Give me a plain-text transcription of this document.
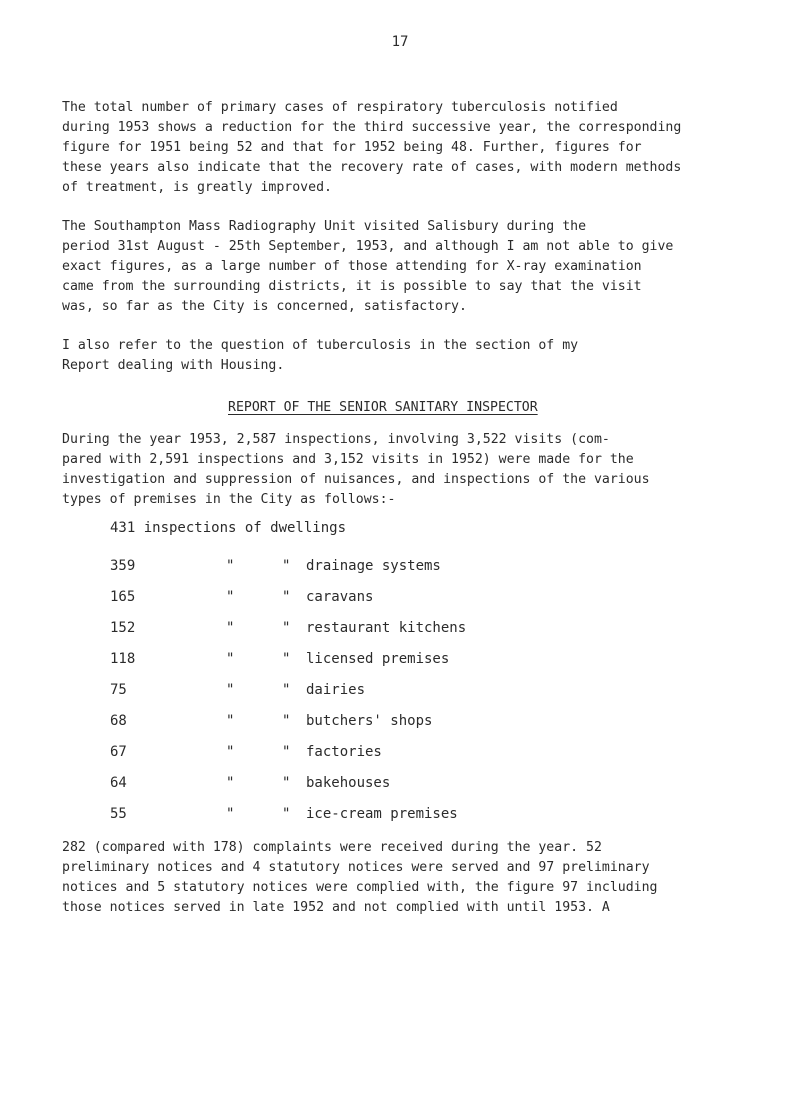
17
The total number of primary cases of respiratory tuberculosis notified
during 1953 shows a reduction for the third successive year, the corresponding
figure for 1951 being 52 and that for 1952 being 48. Further, figures for
these years also indicate that the recovery rate of cases, with modern methods
of treatment, is greatly improved.
The Southampton Mass Radiography Unit visited Salisbury during the
period 31st August - 25th September, 1953, and although I am not able to give
exact figures, as a large number of those attending for X-ray examination
came from the surrounding districts, it is possible to say that the visit
was, so far as the City is concerned, satisfactory.
I also refer to the question of tuberculosis in the section of my
Report dealing with Housing.
REPORT OF THE SENIOR SANITARY INSPECTOR
During the year 1953, 2,587 inspections, involving 3,522 visits (com-
pared with 2,591 inspections and 3,152 visits in 1952) were made for the
investigation and suppression of nuisances, and inspections of the various
types of premises in the City as follows:-
431 inspections of dwellings
359	"	" drainage systems
165	"	" caravans
152	"	" restaurant kitchens
118	"	" licensed premises
75	"	" dairies
68	"	" butchers' shops
67	"	" factories
64	"	" bakehouses
55	"	" ice-cream premises
282 (compared with 178) complaints were received during the year. 52
preliminary notices and 4 statutory notices were served and 97 preliminary
notices and 5 statutory notices were complied with, the figure 97 including
those notices served in late 1952 and not complied with until 1953. A
